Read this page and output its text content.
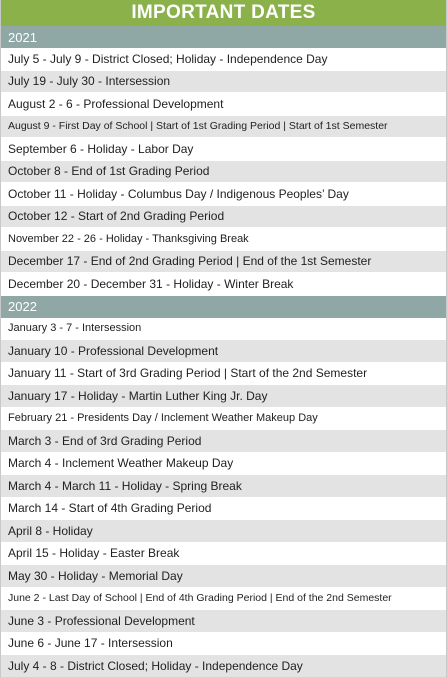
IMPORTANT DATES
2021
July 5 - July 9 - District Closed; Holiday - Independence Day
July 19 - July 30 - Intersession
August 2 - 6 - Professional Development
August 9 - First Day of School | Start of 1st Grading Period | Start of 1st Semester
September 6 - Holiday - Labor Day
October 8 - End of 1st Grading Period
October 11 - Holiday - Columbus Day / Indigenous Peoples’ Day
October 12 - Start of 2nd Grading Period
November 22 - 26 - Holiday - Thanksgiving Break
December 17 - End of 2nd Grading Period | End of the 1st Semester
December 20 - December 31 - Holiday - Winter Break
2022
January 3 - 7 - Intersession
January 10 - Professional Development
January 11 - Start of 3rd Grading Period | Start of the 2nd Semester
January 17 - Holiday - Martin Luther King Jr. Day
February 21 - Presidents Day / Inclement Weather Makeup Day
March 3 - End of 3rd Grading Period
March 4 - Inclement Weather Makeup Day
March 4 - March 11 - Holiday - Spring Break
March 14 - Start of 4th Grading Period
April 8 - Holiday
April 15 - Holiday - Easter Break
May 30 - Holiday - Memorial Day
June 2 - Last Day of School | End of 4th Grading Period | End of the 2nd Semester
June 3 - Professional Development
June 6 - June 17 - Intersession
July 4 - 8 - District Closed; Holiday - Independence Day
